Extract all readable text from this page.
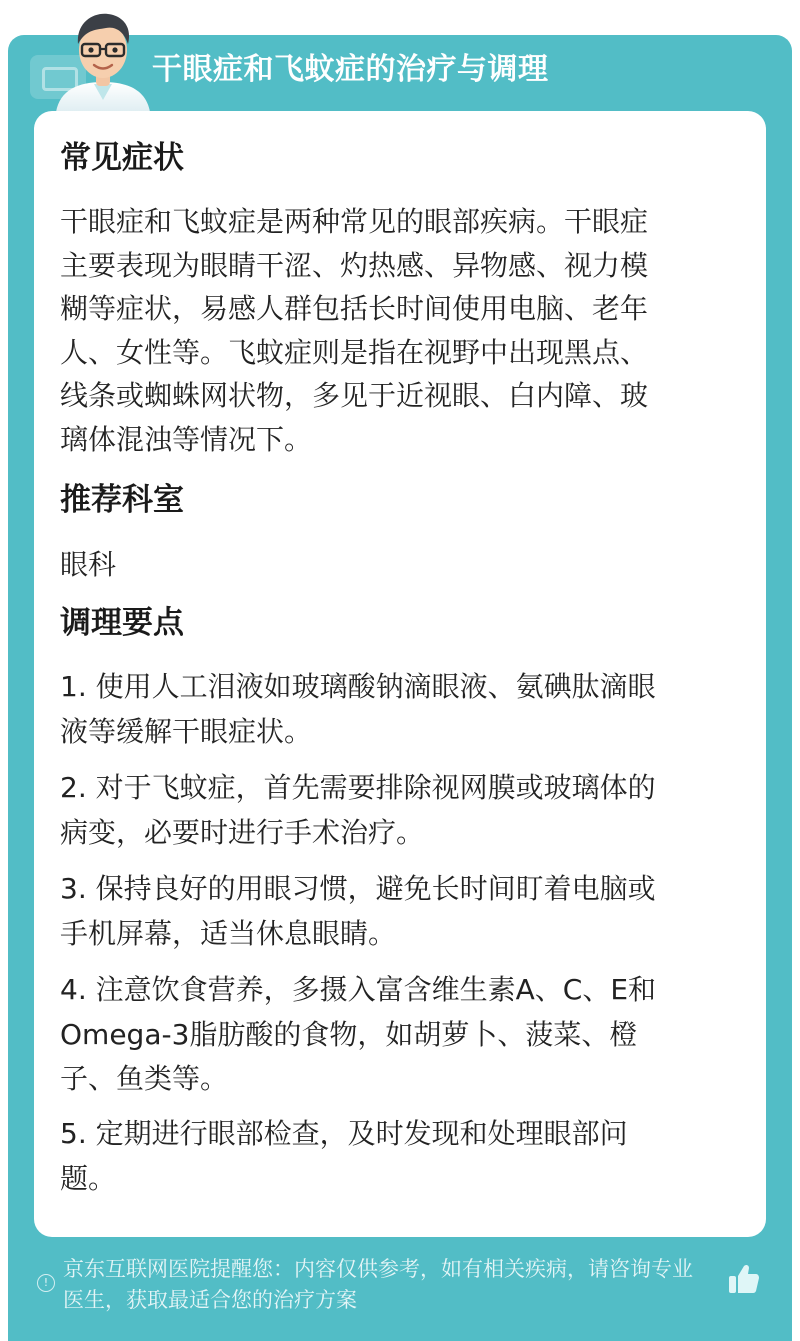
干眼症和飞蚊症的治疗与调理
常见症状
干眼症和飞蚊症是两种常见的眼部疾病。干眼症
主要表现为眼睛干涩、灼热感、异物感、视力模
糊等症状，易感人群包括长时间使用电脑、老年
人、女性等。飞蚊症则是指在视野中出现黑点、
线条或蜘蛛网状物，多见于近视眼、白内障、玻
璃体混浊等情况下。
推荐科室
眼科
调理要点
1. 使用人工泪液如玻璃酸钠滴眼液、氨碘肽滴眼
液等缓解干眼症状。
2. 对于飞蚊症，首先需要排除视网膜或玻璃体的
病变，必要时进行手术治疗。
3. 保持良好的用眼习惯，避免长时间盯着电脑或
手机屏幕，适当休息眼睛。
4. 注意饮食营养，多摄入富含维生素A、C、E和
Omega-3脂肪酸的食物，如胡萝卜、菠菜、橙
子、鱼类等。
5. 定期进行眼部检查，及时发现和处理眼部问
题。
!
京东互联网医院提醒您：内容仅供参考，如有相关疾病，请咨询专业
医生，获取最适合您的治疗方案
